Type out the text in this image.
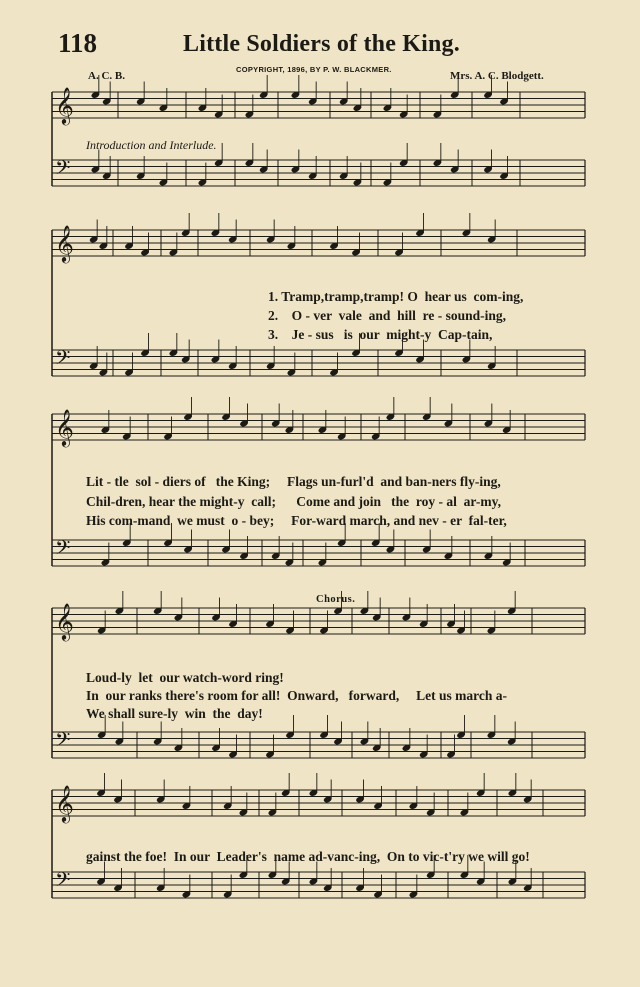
𝄞
𝄢
𝄞
𝄢
𝄞
𝄢
𝄞
𝄢
𝄞
𝄢
118	Little Soldiers of the King.
COPYRIGHT, 1896, BY P. W. BLACKMER.
A. C. B.	Mrs. A. C. Blodgett.
Introduction and Interlude.
Chorus.
1. Tramp,tramp,tramp! O  hear us  com-ing,
2.    O - ver  vale  and  hill  re - sound-ing,
3.    Je - sus   is  our  might-y  Cap-tain,
Lit - tle  sol - diers of   the King;     Flags un-furl'd  and ban-ners fly-ing,
Chil-dren, hear the might-y  call;      Come and join   the  roy - al  ar-my,
His com-mand  we must  o - bey;     For-ward march, and nev - er  fal-ter,
Loud-ly  let  our watch-word ring!
In  our ranks there's room for all!  Onward,   forward,     Let us march a-
We shall sure-ly  win  the  day!
gainst the foe!  In our  Leader's  name ad-vanc-ing,  On to vic-t'ry we will go!
